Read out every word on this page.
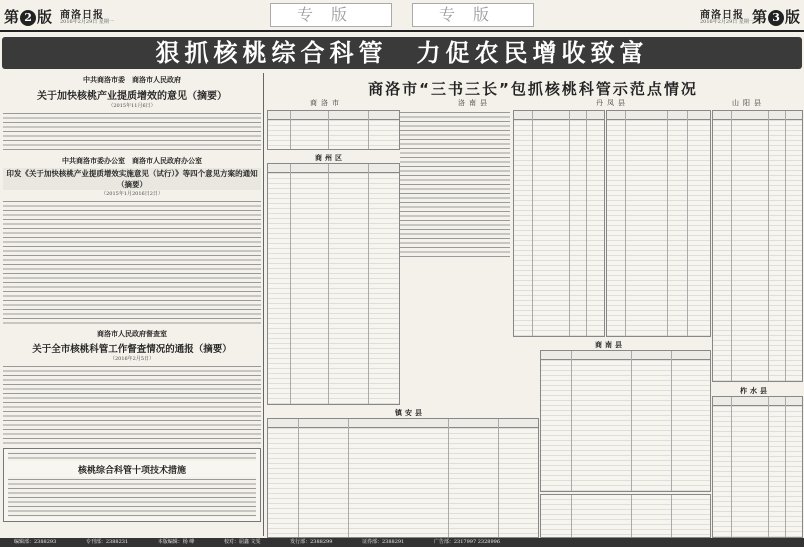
第 2 版 商洛日报
2016年2月29日 星期一	专版	专版	商洛日报
2016年2月29日 星期一
第 3 版
狠抓核桃综合科管　力促农民增收致富
中共商洛市委　商洛市人民政府
关于加快核桃产业提质增效的意见（摘要）
（2015年11月6日）
中共商洛市委办公室　商洛市人民政府办公室
印发《关于加快核桃产业提质增效实施意见（试行）》等四个意见方案的通知（摘要）
（2015年1月2016日2日）
商洛市人民政府督查室
关于全市核桃科管工作督查情况的通报（摘要）
（2016年2月5日）
核桃综合科管十项技术措施
商洛市“三书三长”包抓核桃科管示范点情况
商洛市	洛南县	丹凤县	山阳县
商州区
商南县
镇安县
柞水县
编辑部：2388293	专刊部：2388231	本版编辑：杨 峰	校对：屈鑫 文雯	发行部：2388299	证券部：2388291	广告部：2317997 2328996
